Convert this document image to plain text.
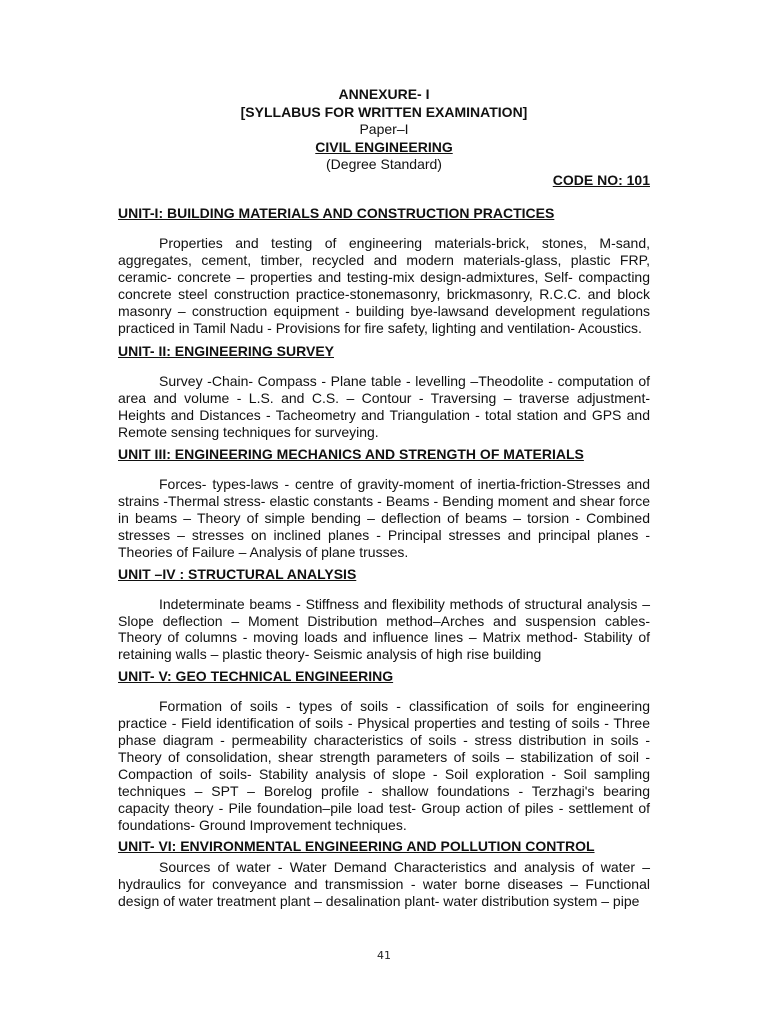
ANNEXURE- I
[SYLLABUS FOR WRITTEN EXAMINATION]
Paper–I
CIVIL ENGINEERING
(Degree Standard)
CODE NO: 101
UNIT-I: BUILDING MATERIALS AND CONSTRUCTION PRACTICES
Properties and testing of engineering materials-brick, stones, M-sand, aggregates, cement, timber, recycled and modern materials-glass, plastic FRP, ceramic- concrete – properties and testing-mix design-admixtures, Self- compacting concrete steel construction practice-stonemasonry, brickmasonry, R.C.C. and block masonry – construction equipment - building bye-lawsand development regulations practiced in Tamil Nadu - Provisions for fire safety, lighting and ventilation- Acoustics.
UNIT- II: ENGINEERING SURVEY
Survey -Chain- Compass - Plane table - levelling –Theodolite - computation of area and volume - L.S. and C.S. – Contour - Traversing – traverse adjustment- Heights and Distances - Tacheometry and Triangulation - total station and GPS and Remote sensing techniques for surveying.
UNIT III: ENGINEERING MECHANICS AND STRENGTH OF MATERIALS
Forces- types-laws - centre of gravity-moment of inertia-friction-Stresses and strains -Thermal stress- elastic constants - Beams - Bending moment and shear force in beams – Theory of simple bending – deflection of beams – torsion - Combined stresses – stresses on inclined planes - Principal stresses and principal planes - Theories of Failure – Analysis of plane trusses.
UNIT –IV : STRUCTURAL ANALYSIS
Indeterminate beams - Stiffness and flexibility methods of structural analysis – Slope deflection – Moment Distribution method–Arches and suspension cables- Theory of columns - moving loads and influence lines – Matrix method- Stability of retaining walls – plastic theory- Seismic analysis of high rise building
UNIT- V: GEO TECHNICAL ENGINEERING
Formation of soils - types of soils - classification of soils for engineering practice - Field identification of soils - Physical properties and testing of soils - Three phase diagram - permeability characteristics of soils - stress distribution in soils - Theory of consolidation, shear strength parameters of soils – stabilization of soil - Compaction of soils- Stability analysis of slope - Soil exploration - Soil sampling techniques – SPT – Borelog profile - shallow foundations - Terzhagi's bearing capacity theory - Pile foundation–pile load test- Group action of piles - settlement of foundations- Ground Improvement techniques.
UNIT- VI: ENVIRONMENTAL ENGINEERING AND POLLUTION CONTROL
Sources of water - Water Demand Characteristics and analysis of water – hydraulics for conveyance and transmission - water borne diseases – Functional design of water treatment plant – desalination plant- water distribution system – pipe
41
